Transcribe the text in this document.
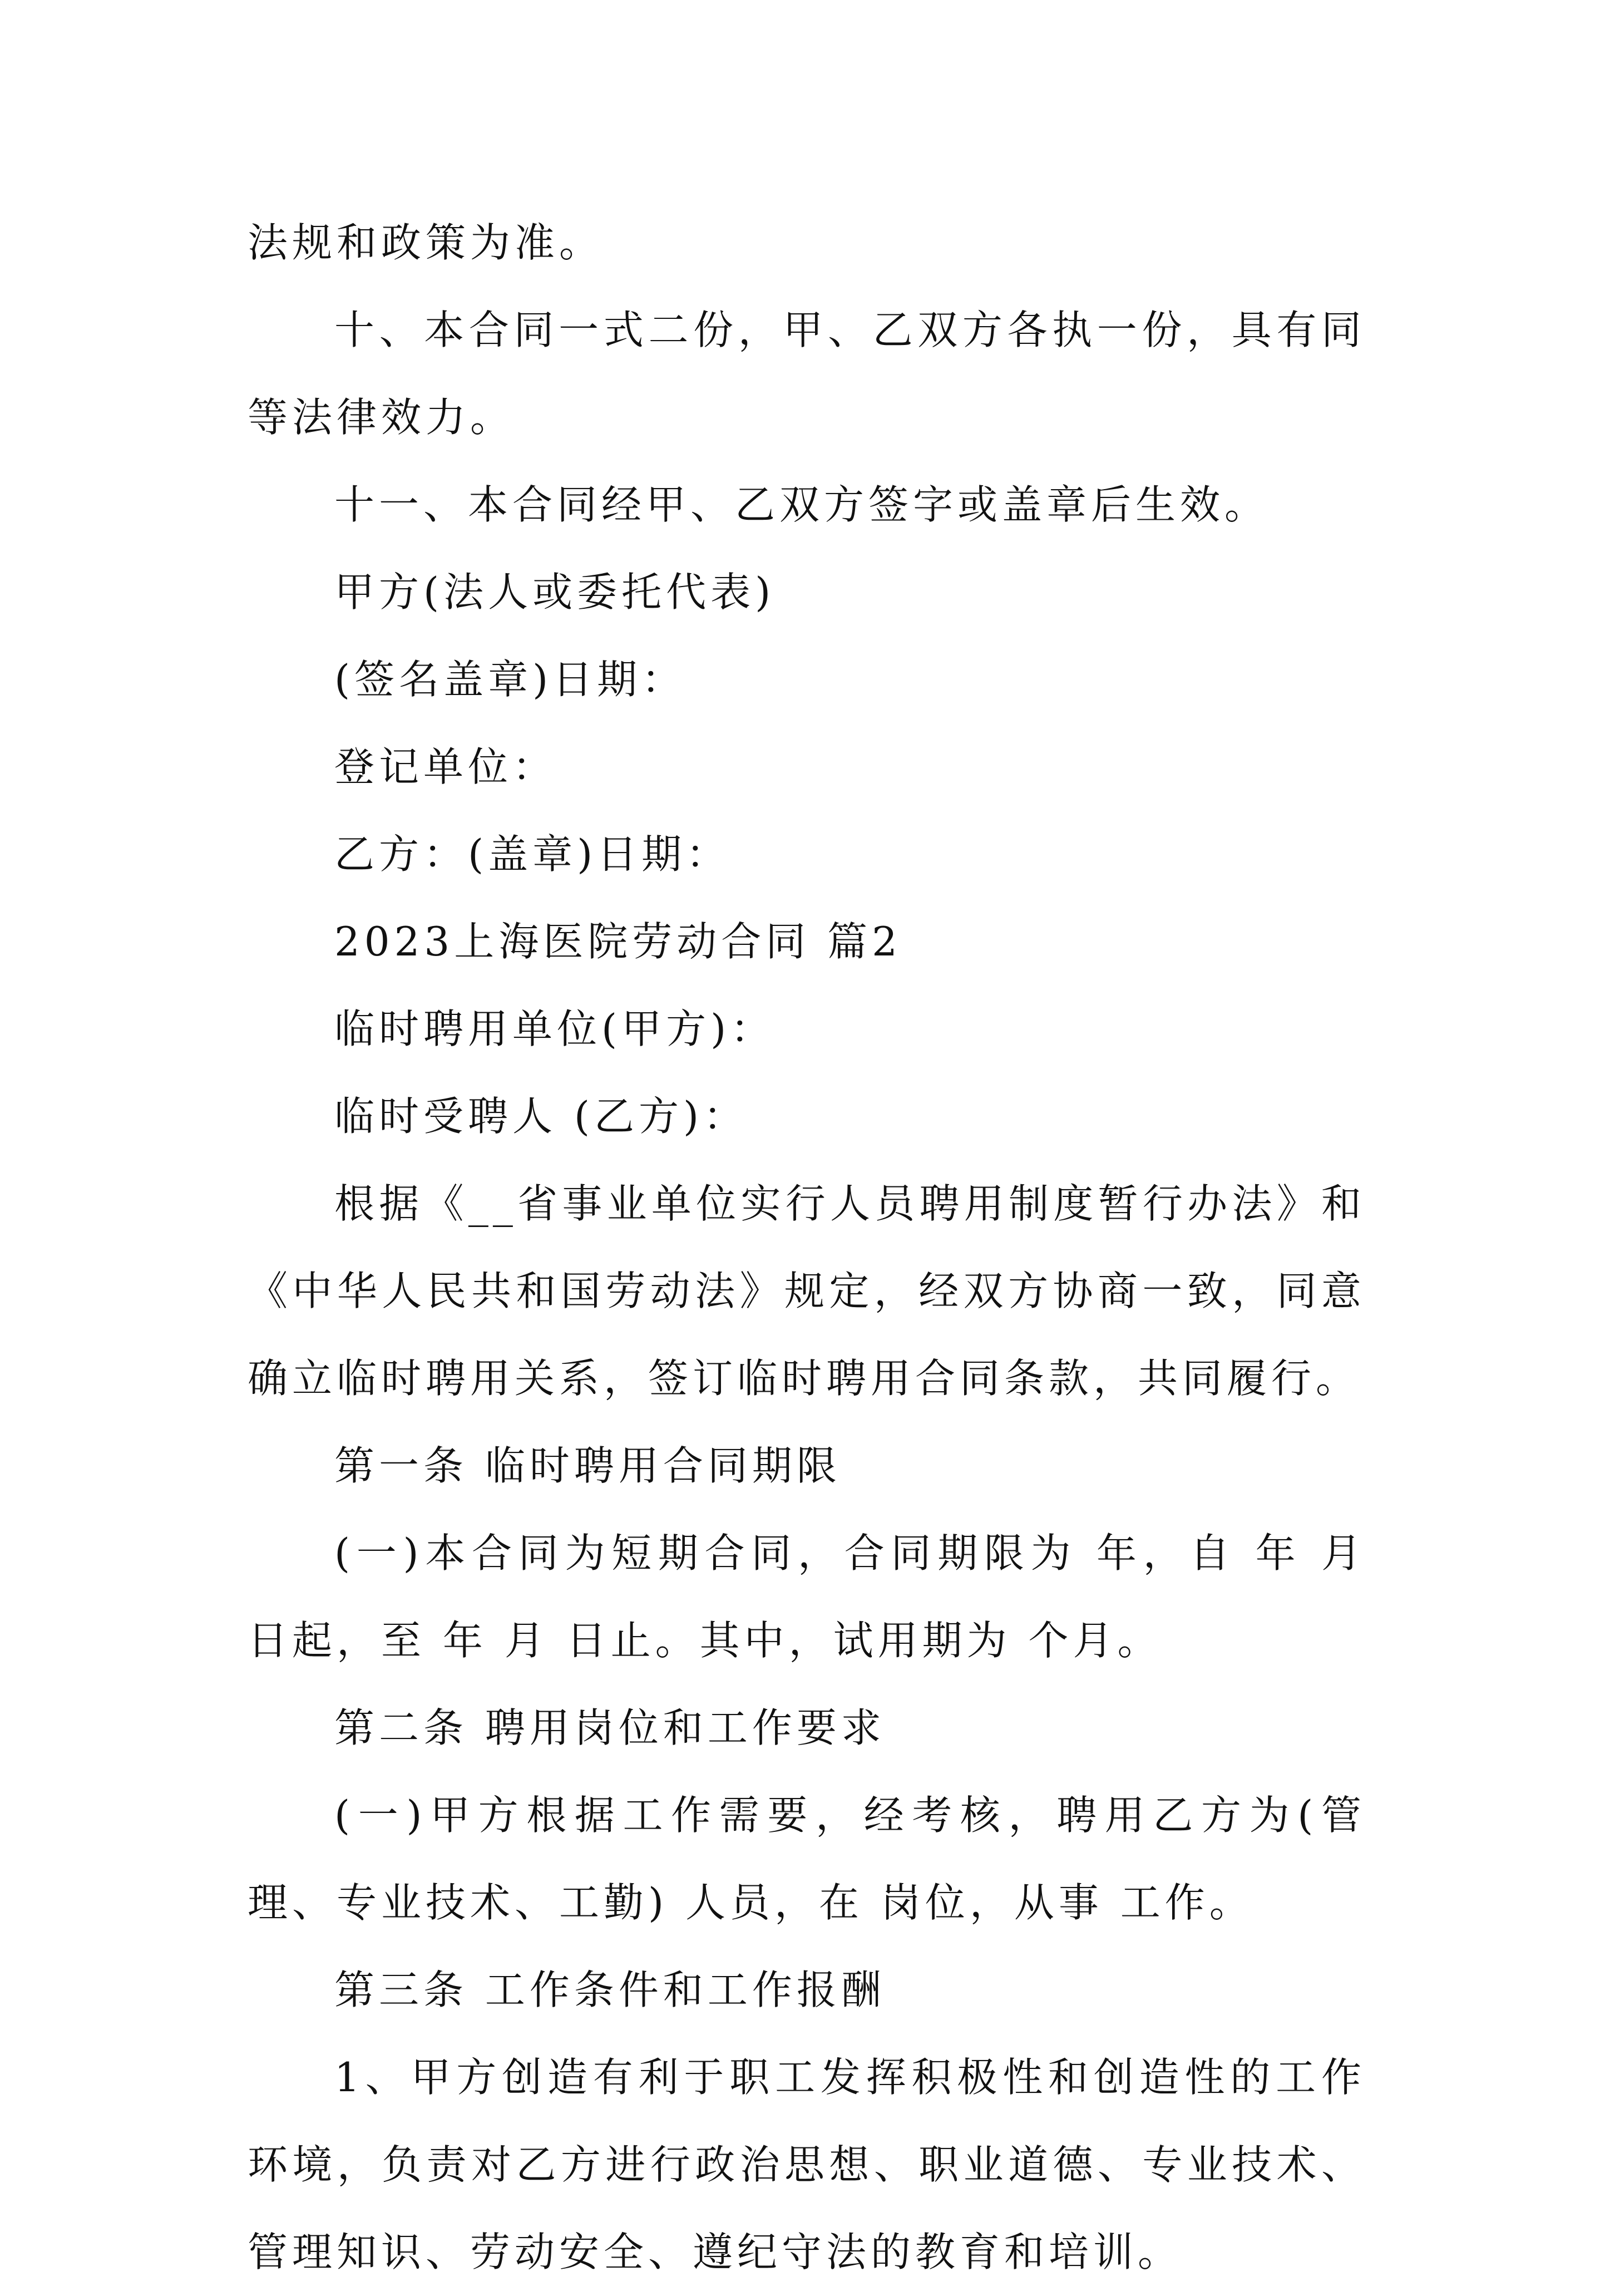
法规和政策为准。

十、本合同一式二份，甲、乙双方各执一份，具有同等法律效力。

十一、本合同经甲、乙双方签字或盖章后生效。

甲方(法人或委托代表)

(签名盖章)日期：

登记单位：

乙方：(盖章)日期：

2023上海医院劳动合同 篇2

临时聘用单位(甲方)：

临时受聘人 (乙方)：

根据《__省事业单位实行人员聘用制度暂行办法》和《中华人民共和国劳动法》规定，经双方协商一致，同意确立临时聘用关系，签订临时聘用合同条款，共同履行。

第一条 临时聘用合同期限

(一)本合同为短期合同，合同期限为 年，自 年 月 日起，至 年 月 日止。其中，试用期为 个月。

第二条 聘用岗位和工作要求

(一)甲方根据工作需要，经考核，聘用乙方为(管理、专业技术、工勤) 人员，在 岗位，从事 工作。

第三条 工作条件和工作报酬

1、甲方创造有利于职工发挥积极性和创造性的工作环境，负责对乙方进行政治思想、职业道德、专业技术、管理知识、劳动安全、遵纪守法的教育和培训。
